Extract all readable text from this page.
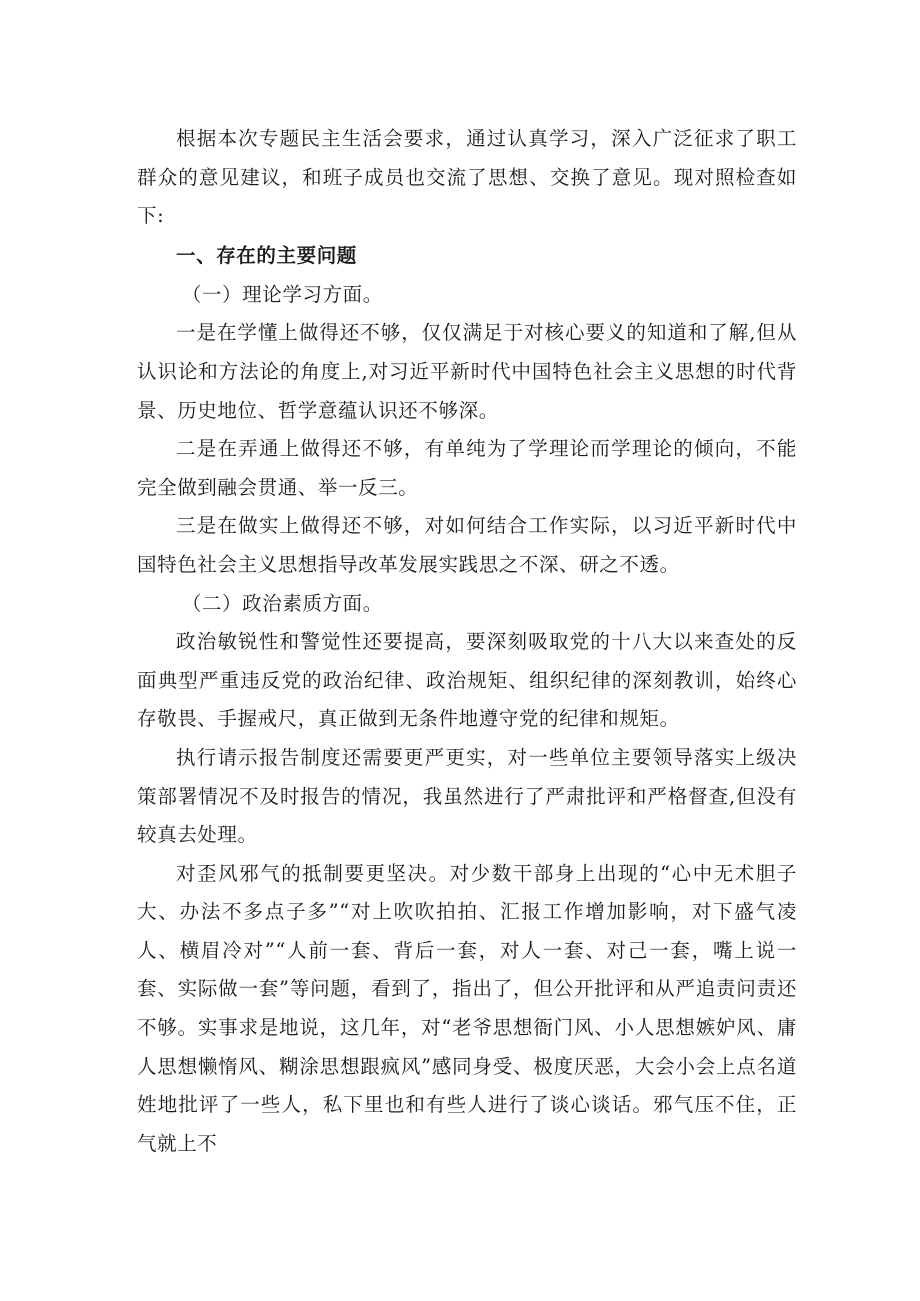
根据本次专题民主生活会要求，通过认真学习，深入广泛征求了职工群众的意见建议，和班子成员也交流了思想、交换了意见。现对照检查如下:

一、存在的主要问题

（一）理论学习方面。

一是在学懂上做得还不够，仅仅满足于对核心要义的知道和了解,但从认识论和方法论的角度上,对习近平新时代中国特色社会主义思想的时代背景、历史地位、哲学意蕴认识还不够深。

二是在弄通上做得还不够，有单纯为了学理论而学理论的倾向，不能完全做到融会贯通、举一反三。

三是在做实上做得还不够，对如何结合工作实际，以习近平新时代中国特色社会主义思想指导改革发展实践思之不深、研之不透。

（二）政治素质方面。

政治敏锐性和警觉性还要提高，要深刻吸取党的十八大以来查处的反面典型严重违反党的政治纪律、政治规矩、组织纪律的深刻教训，始终心存敬畏、手握戒尺，真正做到无条件地遵守党的纪律和规矩。

执行请示报告制度还需要更严更实，对一些单位主要领导落实上级决策部署情况不及时报告的情况，我虽然进行了严肃批评和严格督查,但没有较真去处理。

对歪风邪气的抵制要更坚决。对少数干部身上出现的“心中无术胆子大、办法不多点子多”“对上吹吹拍拍、汇报工作增加影响，对下盛气凌人、横眉冷对”“人前一套、背后一套，对人一套、对己一套，嘴上说一套、实际做一套”等问题，看到了，指出了，但公开批评和从严追责问责还不够。实事求是地说，这几年，对“老爷思想衙门风、小人思想嫉妒风、庸人思想懒惰风、糊涂思想跟疯风”感同身受、极度厌恶，大会小会上点名道姓地批评了一些人，私下里也和有些人进行了谈心谈话。邪气压不住，正气就上不
